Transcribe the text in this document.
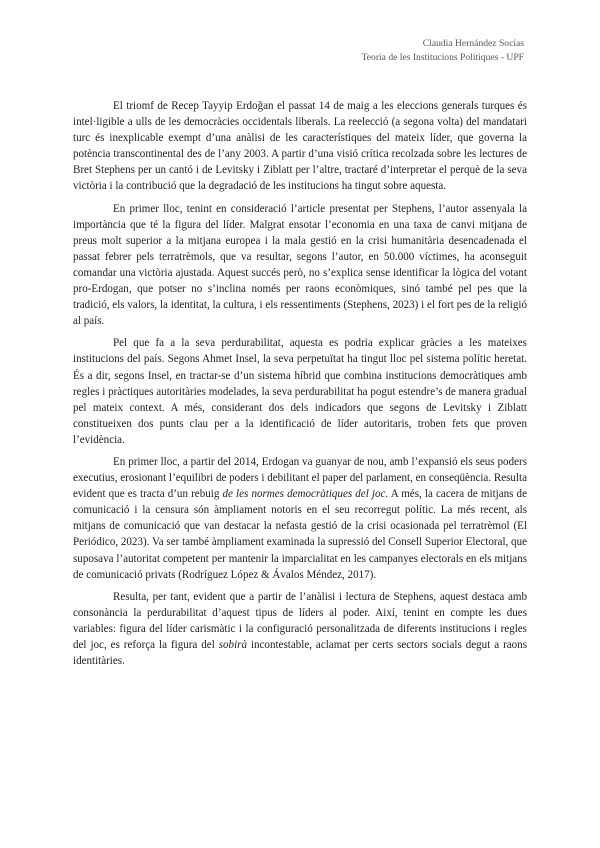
Claudia Hernández Socías
Teoria de les Institucions Polítiques - UPF

El triomf de Recep Tayyip Erdoğan el passat 14 de maig a les eleccions generals turques és intel·ligible a ulls de les democràcies occidentals liberals. La reelecció (a segona volta) del mandatari turc és inexplicable exempt d’una anàlisi de les característiques del mateix líder, que governa la potència transcontinental des de l’any 2003. A partir d’una visió crítica recolzada sobre les lectures de Bret Stephens per un cantó i de Levitsky i Ziblatt per l’altre, tractaré d’interpretar el perquè de la seva victòria i la contribució que la degradació de les institucions ha tingut sobre aquesta.

En primer lloc, tenint en consideració l’article presentat per Stephens, l’autor assenyala la importància que té la figura del líder. Malgrat ensotar l’economia en una taxa de canvi mitjana de preus molt superior a la mitjana europea i la mala gestió en la crisi humanitària desencadenada el passat febrer pels terratrèmols, que va resultar, segons l’autor, en 50.000 víctimes, ha aconseguit comandar una victòria ajustada. Aquest succés però, no s’explica sense identificar la lògica del votant pro-Erdogan, que potser no s’inclina només per raons econòmiques, sinó també pel pes que la tradició, els valors, la identitat, la cultura, i els ressentiments (Stephens, 2023) i el fort pes de la religió al país.

Pel que fa a la seva perdurabilitat, aquesta es podria explicar gràcies a les mateixes institucions del país. Segons Ahmet Insel, la seva perpetuïtat ha tingut lloc pel sistema polític heretat. És a dir, segons Insel, en tractar-se d’un sistema híbrid que combina institucions democràtiques amb regles i pràctiques autoritàries modelades, la seva perdurabilitat ha pogut estendre’s de manera gradual pel mateix context. A més, considerant dos dels indicadors que segons de Levitsky i Ziblatt constitueixen dos punts clau per a la identificació de líder autoritaris, troben fets que proven l’evidència.

En primer lloc, a partir del 2014, Erdogan va guanyar de nou, amb l’expansió els seus poders executius, erosionant l’equilibri de poders i debilitant el paper del parlament, en conseqüència. Resulta evident que es tracta d’un rebuig de les normes democràtiques del joc. A més, la cacera de mitjans de comunicació i la censura són àmpliament notoris en el seu recorregut polític. La més recent, als mitjans de comunicació que van destacar la nefasta gestió de la crisi ocasionada pel terratrèmol (El Periódico, 2023). Va ser també àmpliament examinada la supressió del Consell Superior Electoral, que suposava l’autoritat competent per mantenir la imparcialitat en les campanyes electorals en els mitjans de comunicació privats (Rodríguez López & Ávalos Méndez, 2017).

Resulta, per tant, evident que a partir de l’anàlisi i lectura de Stephens, aquest destaca amb consonància la perdurabilitat d’aquest tipus de líders al poder. Així, tenint en compte les dues variables: figura del líder carismàtic i la configuració personalitzada de diferents institucions i regles del joc, es reforça la figura del sobirà incontestable, aclamat per certs sectors socials degut a raons identitàries.
